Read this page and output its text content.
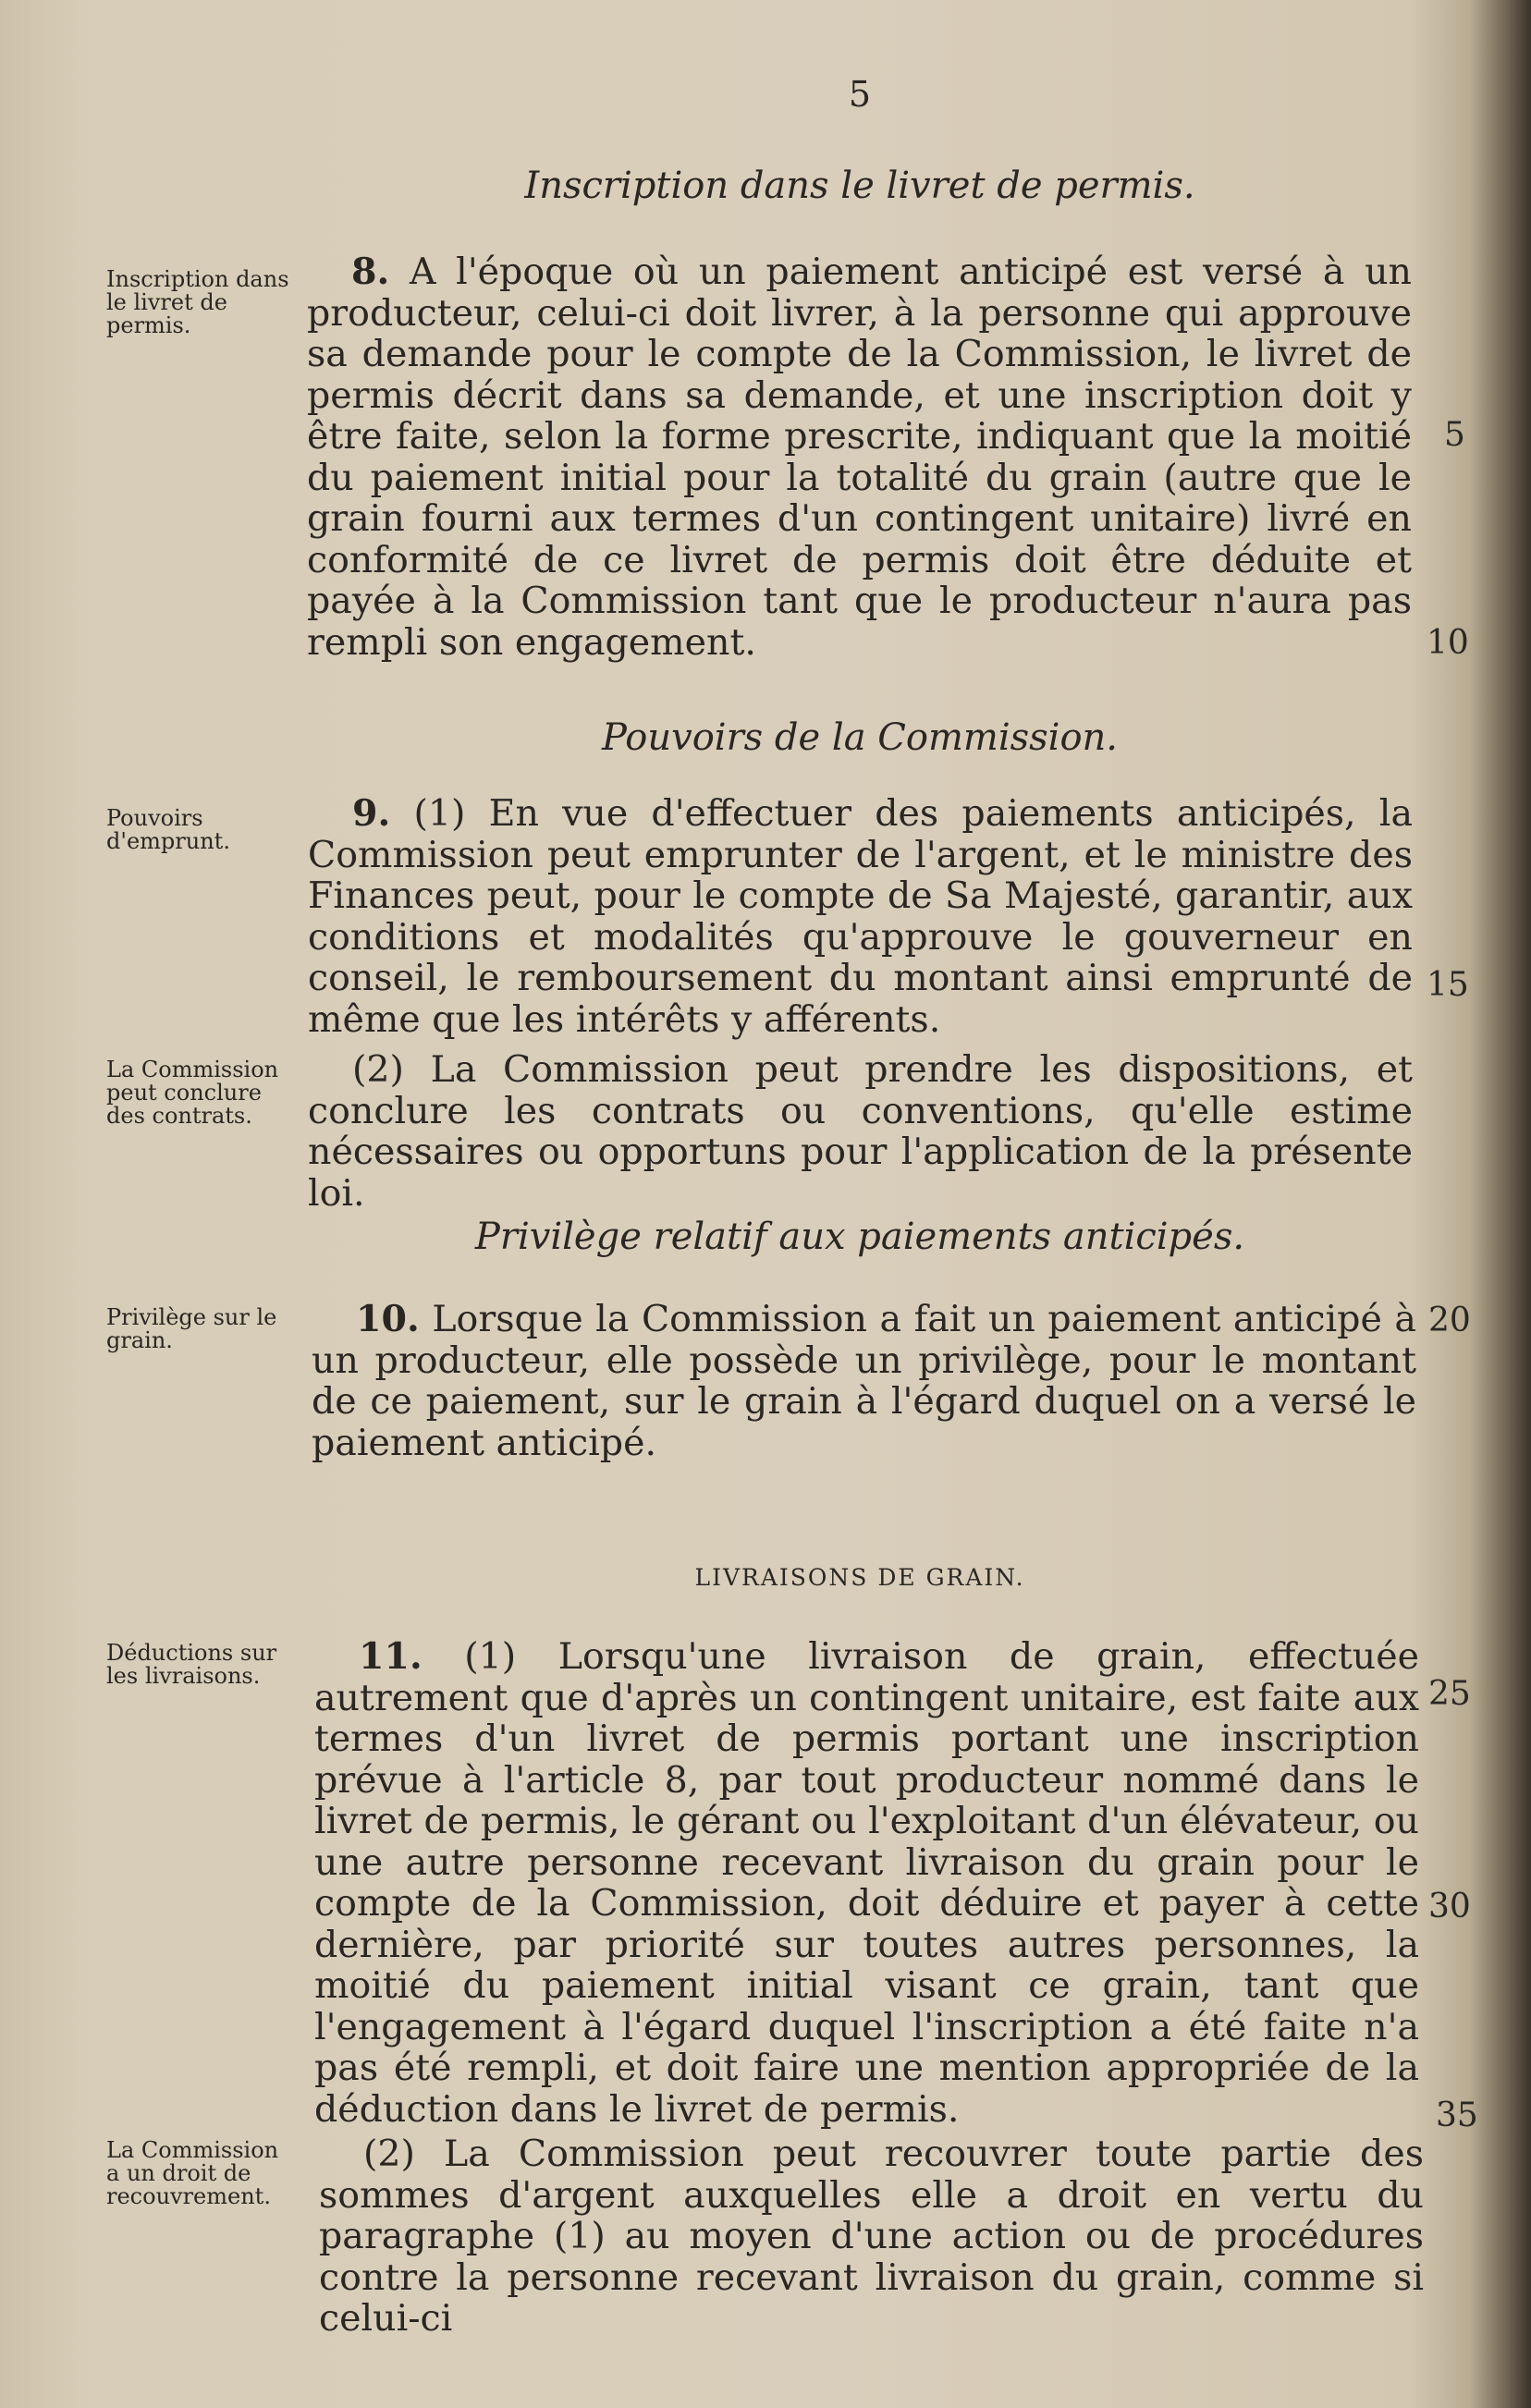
5
Inscription dans le livret de permis.
Inscription dans le livret de permis.
8. A l'époque où un paiement anticipé est versé à un producteur, celui-ci doit livrer, à la personne qui approuve sa demande pour le compte de la Commission, le livret de permis décrit dans sa demande, et une inscription doit y être faite, selon la forme prescrite, indiquant que la moitié du paiement initial pour la totalité du grain (autre que le grain fourni aux termes d'un contingent unitaire) livré en conformité de ce livret de permis doit être déduite et payée à la Commission tant que le producteur n'aura pas rempli son engagement.
Pouvoirs de la Commission.
Pouvoirs d'emprunt.
9. (1) En vue d'effectuer des paiements anticipés, la Commission peut emprunter de l'argent, et le ministre des Finances peut, pour le compte de Sa Majesté, garantir, aux conditions et modalités qu'approuve le gouverneur en conseil, le remboursement du montant ainsi emprunté de même que les intérêts y afférents.
La Commission peut conclure des contrats.
(2) La Commission peut prendre les dispositions, et conclure les contrats ou conventions, qu'elle estime nécessaires ou opportuns pour l'application de la présente loi.
Privilège relatif aux paiements anticipés.
Privilège sur le grain.	10. Lorsque la Commission a fait un paiement anticipé à un producteur, elle possède un privilège, pour le montant de ce paiement, sur le grain à l'égard duquel on a versé le paiement anticipé.
LIVRAISONS DE GRAIN.
Déductions sur les livraisons.	11. (1) Lorsqu'une livraison de grain, effectuée autrement que d'après un contingent unitaire, est faite aux termes d'un livret de permis portant une inscription prévue à l'article 8, par tout producteur nommé dans le livret de permis, le gérant ou l'exploitant d'un élévateur, ou une autre personne recevant livraison du grain pour le compte de la Commission, doit déduire et payer à cette dernière, par priorité sur toutes autres personnes, la moitié du paiement initial visant ce grain, tant que l'engagement à l'égard duquel l'inscription a été faite n'a pas été rempli, et doit faire une mention appropriée de la déduction dans le livret de permis.
La Commission a un droit de recouvrement.
(2) La Commission peut recouvrer toute partie des sommes d'argent auxquelles elle a droit en vertu du paragraphe (1) au moyen d'une action ou de procédures contre la personne recevant livraison du grain, comme si celui-ci
5
10
15
20
25
30
35
